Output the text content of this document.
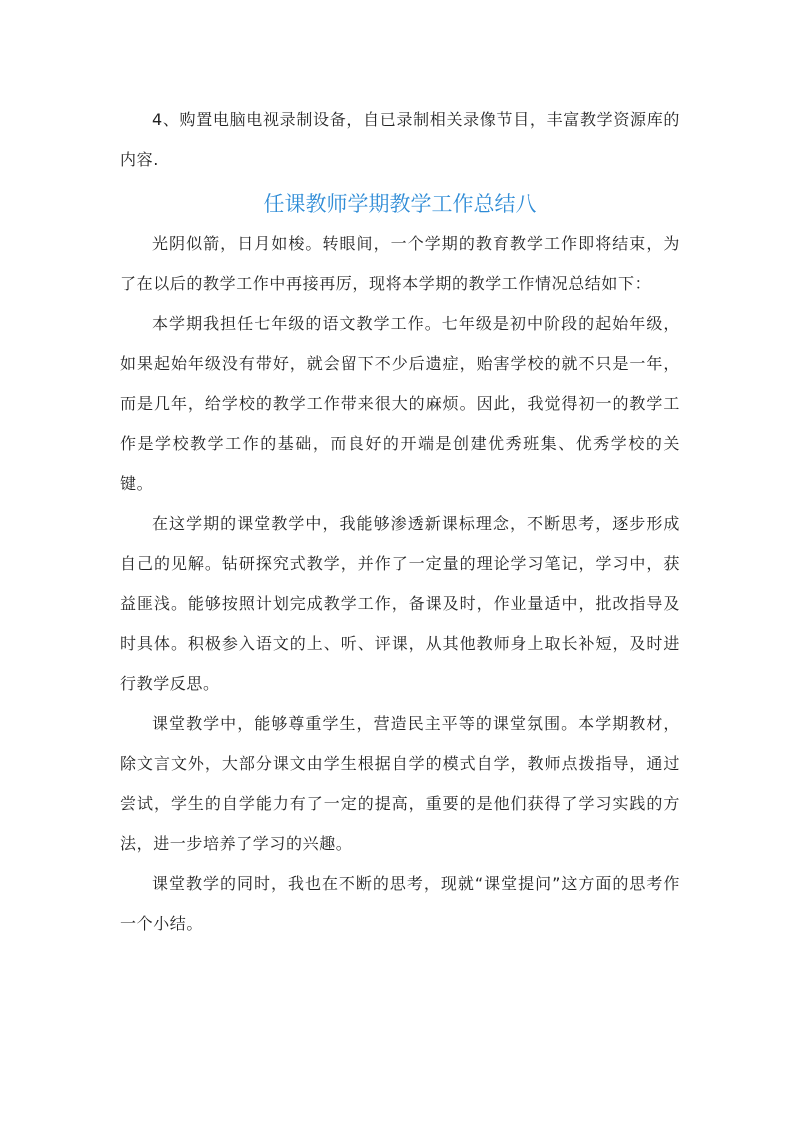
4、购置电脑电视录制设备，自已录制相关录像节目，丰富教学资源库的内容.

任课教师学期教学工作总结八

光阴似箭，日月如梭。转眼间，一个学期的教育教学工作即将结束，为了在以后的教学工作中再接再厉，现将本学期的教学工作情况总结如下：

本学期我担任七年级的语文教学工作。七年级是初中阶段的起始年级，如果起始年级没有带好，就会留下不少后遗症，贻害学校的就不只是一年，而是几年，给学校的教学工作带来很大的麻烦。因此，我觉得初一的教学工作是学校教学工作的基础，而良好的开端是创建优秀班集、优秀学校的关键。

在这学期的课堂教学中，我能够渗透新课标理念，不断思考，逐步形成自己的见解。钻研探究式教学，并作了一定量的理论学习笔记，学习中，获益匪浅。能够按照计划完成教学工作，备课及时，作业量适中，批改指导及时具体。积极参入语文的上、听、评课，从其他教师身上取长补短，及时进行教学反思。

课堂教学中，能够尊重学生，营造民主平等的课堂氛围。本学期教材，除文言文外，大部分课文由学生根据自学的模式自学，教师点拨指导，通过尝试，学生的自学能力有了一定的提高，重要的是他们获得了学习实践的方法，进一步培养了学习的兴趣。

课堂教学的同时，我也在不断的思考，现就“课堂提问”这方面的思考作一个小结。
